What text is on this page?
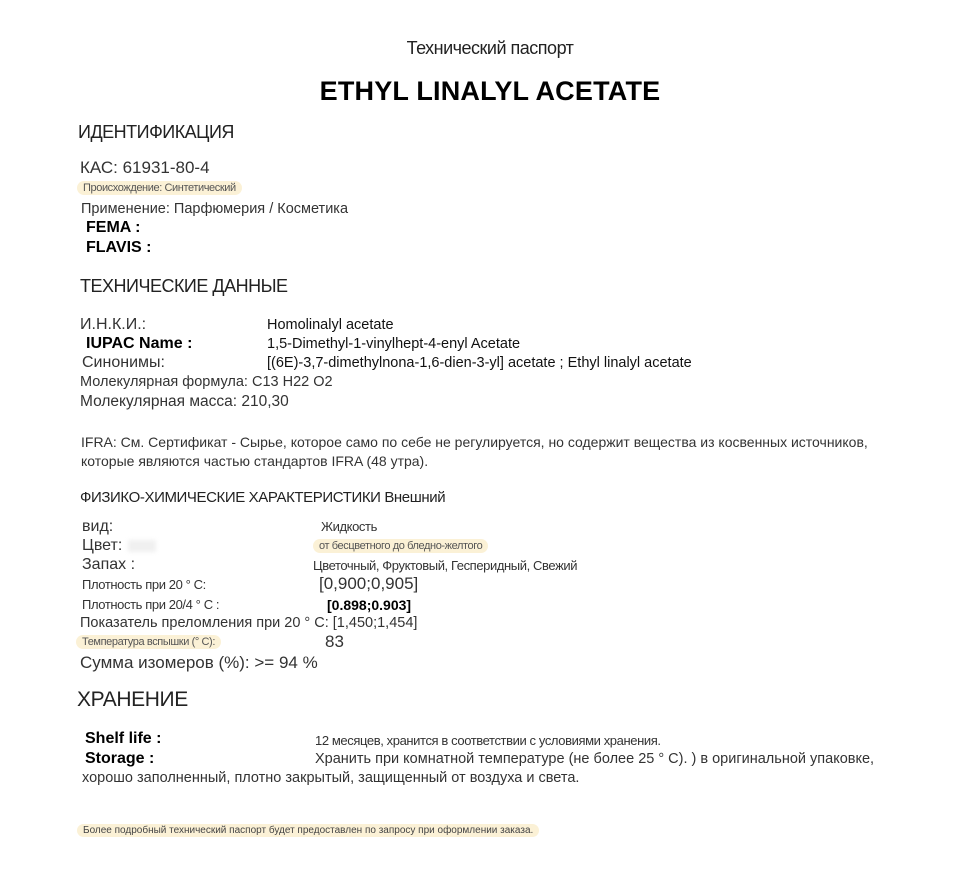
Технический паспорт
ETHYL LINALYL ACETATE
ИДЕНТИФИКАЦИЯ
КАС: 61931-80-4
Происхождение: Синтетический
Применение: Парфюмерия / Косметика
FEMA :
FLAVIS :
ТЕХНИЧЕСКИЕ ДАННЫЕ
И.Н.К.И.:	Homolinalyl acetate
IUPAC Name :	1,5-Dimethyl-1-vinylhept-4-enyl Acetate
Синонимы:	[(6E)-3,7-dimethylnona-1,6-dien-3-yl] acetate ; Ethyl linalyl acetate
Молекулярная формула: C13 H22 O2
Молекулярная масса: 210,30
IFRA: См. Сертификат - Сырье, которое само по себе не регулируется, но содержит вещества из косвенных источников, которые являются частью стандартов IFRA (48 утра).
ФИЗИКО-ХИМИЧЕСКИЕ ХАРАКТЕРИСТИКИ Внешний
вид:	Жидкость
Цвет:	от бесцветного до бледно-желтого
Запах :	Цветочный, Фруктовый, Гесперидный, Свежий
Плотность при 20 ° C:	[0,900;0,905]
Плотность при 20/4 ° C :	[0.898;0.903]
Показатель преломления при 20 ° C: [1,450;1,454]
Температура вспышки (° C):	83
Сумма изомеров (%): >= 94 %
ХРАНЕНИЕ
Shelf life :	12 месяцев, хранится в соответствии с условиями хранения.
Storage :	Хранить при комнатной температуре (не более 25 ° C). ) в оригинальной упаковке,
хорошо заполненный, плотно закрытый, защищенный от воздуха и света.
Более подробный технический паспорт будет предоставлен по запросу при оформлении заказа.
